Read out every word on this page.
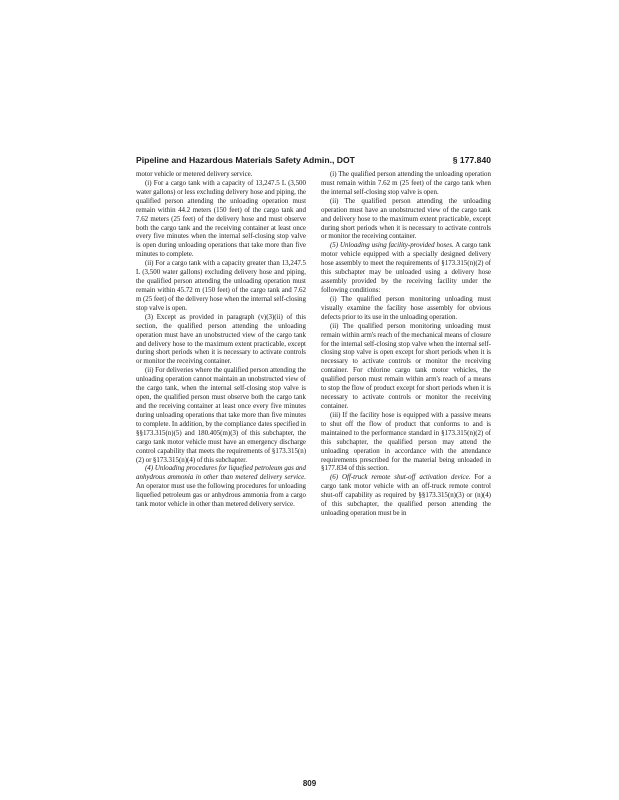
Pipeline and Hazardous Materials Safety Admin., DOT	§ 177.840

motor vehicle or metered delivery service.

(i) For a cargo tank with a capacity of 13,247.5 L (3,500 water gallons) or less excluding delivery hose and piping, the qualified person attending the unloading operation must remain within 44.2 meters (150 feet) of the cargo tank and 7.62 meters (25 feet) of the delivery hose and must observe both the cargo tank and the receiving container at least once every five minutes when the internal self-closing stop valve is open during unloading operations that take more than five minutes to complete.

(ii) For a cargo tank with a capacity greater than 13,247.5 L (3,500 water gallons) excluding delivery hose and piping, the qualified person attending the unloading operation must remain within 45.72 m (150 feet) of the cargo tank and 7.62 m (25 feet) of the delivery hose when the internal self-closing stop valve is open.

(3) Except as provided in paragraph (v)(3)(ii) of this section, the qualified person attending the unloading operation must have an unobstructed view of the cargo tank and delivery hose to the maximum extent practicable, except during short periods when it is necessary to activate controls or monitor the receiving container.

(ii) For deliveries where the qualified person attending the unloading operation cannot maintain an unobstructed view of the cargo tank, when the internal self-closing stop valve is open, the qualified person must observe both the cargo tank and the receiving container at least once every five minutes during unloading operations that take more than five minutes to complete. In addition, by the compliance dates specified in §§173.315(n)(5) and 180.405(m)(3) of this subchapter, the cargo tank motor vehicle must have an emergency discharge control capability that meets the requirements of §173.315(n)(2) or §173.315(n)(4) of this subchapter.

(4) Unloading procedures for liquefied petroleum gas and anhydrous ammonia in other than metered delivery service. An operator must use the following procedures for unloading liquefied petroleum gas or anhydrous ammonia from a cargo tank motor vehicle in other than metered delivery service.

(i) The qualified person attending the unloading operation must remain within 7.62 m (25 feet) of the cargo tank when the internal self-closing stop valve is open.

(ii) The qualified person attending the unloading operation must have an unobstructed view of the cargo tank and delivery hose to the maximum extent practicable, except during short periods when it is necessary to activate controls or monitor the receiving container.

(5) Unloading using facility-provided hoses. A cargo tank motor vehicle equipped with a specially designed delivery hose assembly to meet the requirements of §173.315(n)(2) of this subchapter may be unloaded using a delivery hose assembly provided by the receiving facility under the following conditions:

(i) The qualified person monitoring unloading must visually examine the facility hose assembly for obvious defects prior to its use in the unloading operation.

(ii) The qualified person monitoring unloading must remain within arm's reach of the mechanical means of closure for the internal self-closing stop valve when the internal self-closing stop valve is open except for short periods when it is necessary to activate controls or monitor the receiving container. For chlorine cargo tank motor vehicles, the qualified person must remain within arm's reach of a means to stop the flow of product except for short periods when it is necessary to activate controls or monitor the receiving container.

(iii) If the facility hose is equipped with a passive means to shut off the flow of product that conforms to and is maintained to the performance standard in §173.315(n)(2) of this subchapter, the qualified person may attend the unloading operation in accordance with the attendance requirements prescribed for the material being unloaded in §177.834 of this section.

(6) Off-truck remote shut-off activation device. For a cargo tank motor vehicle with an off-truck remote control shut-off capability as required by §§173.315(n)(3) or (n)(4) of this subchapter, the qualified person attending the unloading operation must be in

809
